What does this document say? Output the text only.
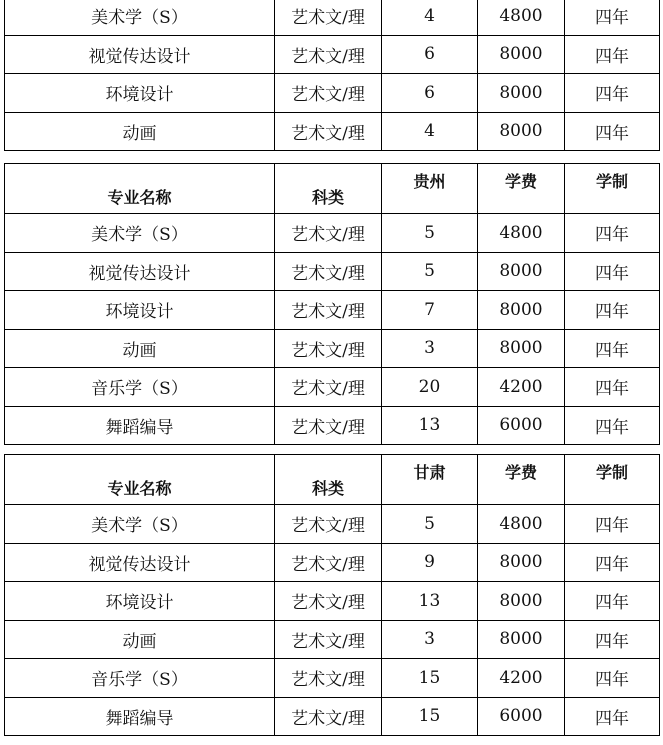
美术学（S）	艺术文/理	4	4800	四年
视觉传达设计	艺术文/理	6	8000	四年
环境设计	艺术文/理	6	8000	四年
动画	艺术文/理	4	8000	四年
专业名称	科类	贵州	学费	学制

美术学（S）	艺术文/理	5	4800	四年
视觉传达设计	艺术文/理	5	8000	四年
环境设计	艺术文/理	7	8000	四年
动画	艺术文/理	3	8000	四年
音乐学（S）	艺术文/理	20	4200	四年
舞蹈编导	艺术文/理	13	6000	四年
专业名称	科类	甘肃	学费	学制

美术学（S）	艺术文/理	5	4800	四年
视觉传达设计	艺术文/理	9	8000	四年
环境设计	艺术文/理	13	8000	四年
动画	艺术文/理	3	8000	四年
音乐学（S）	艺术文/理	15	4200	四年
舞蹈编导	艺术文/理	15	6000	四年
